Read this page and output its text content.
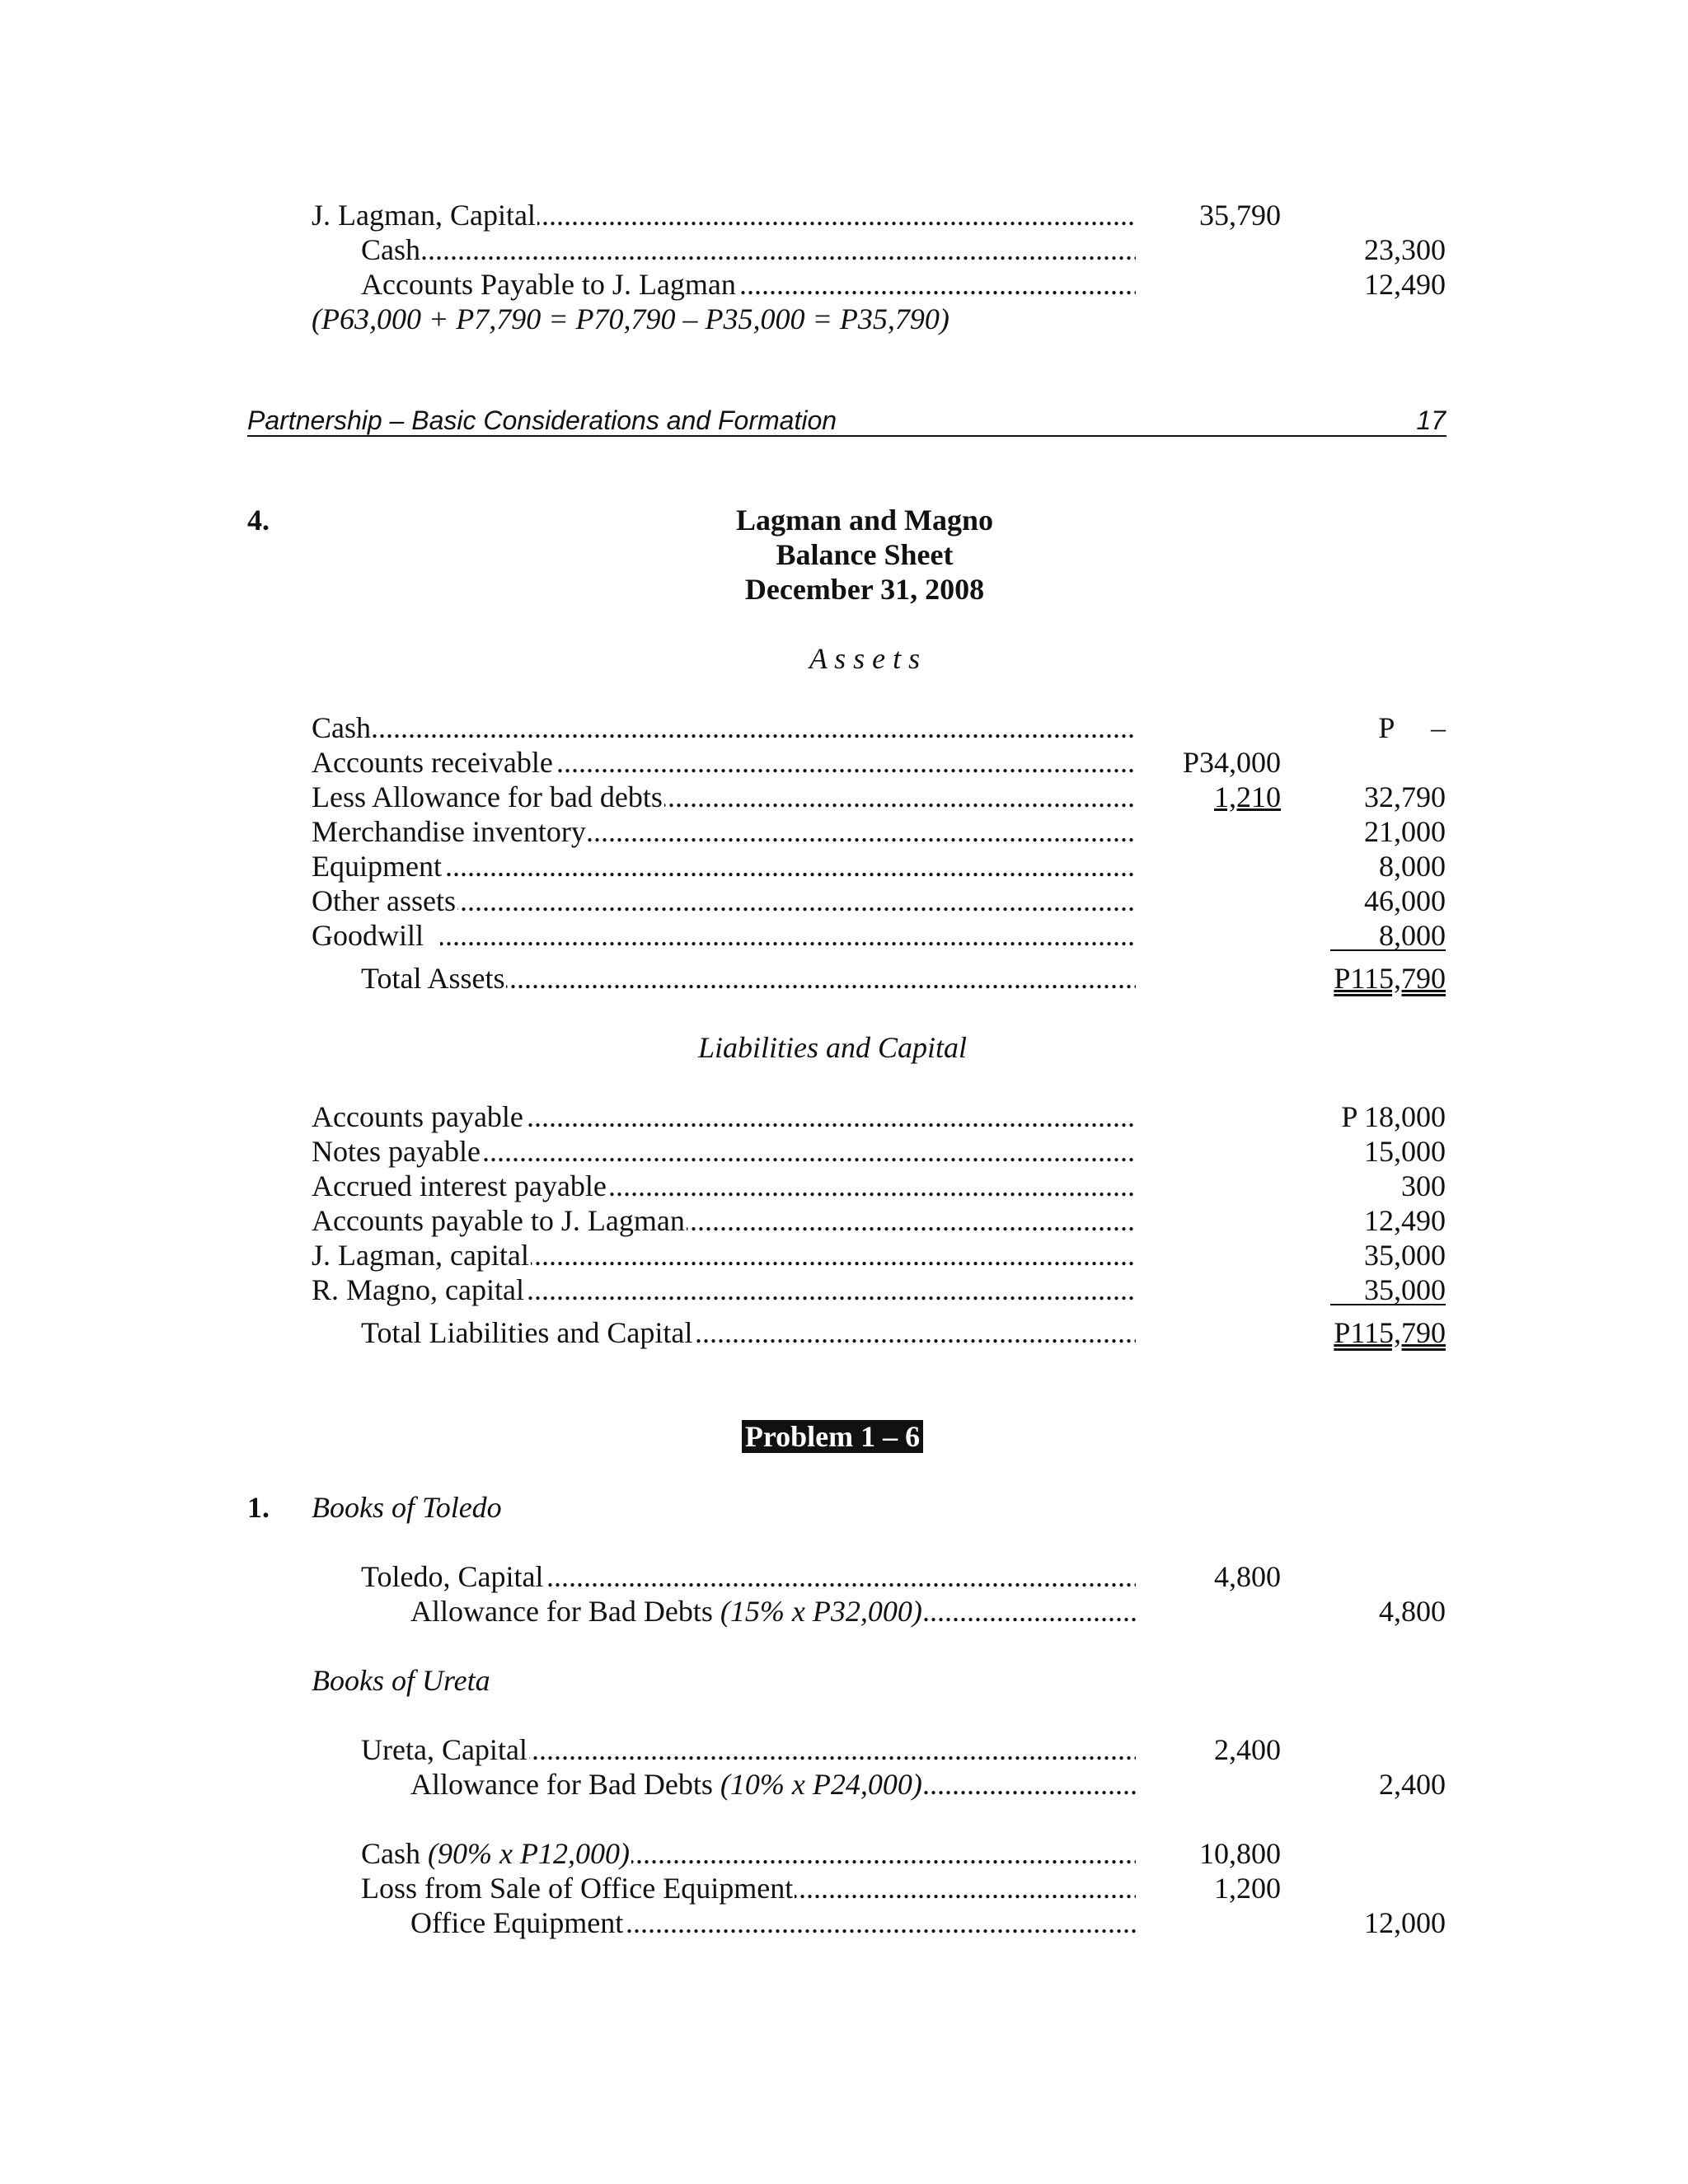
.....
J. Lagman, Capital	35,790
.....
Cash.	23,300
.....
Accounts Payable to J. Lagman	12,490
(P63,000 + P7,790 = P70,790 – P35,000 = P35,790)
Partnership – Basic Considerations and Formation	17
4.	Lagman and Magno
Balance Sheet
December 31, 2008
A s s e t s
.....
Cash	P     –
.....
Accounts receivable	P34,000
.....
Less Allowance for bad debts	1,210	32,790
.....
Merchandise inventory	21,000
.....
Equipment	8,000
.....
Other assets	46,000
.....
Goodwill	8,000
.....
Total Assets	P115,790
Liabilities and Capital
.....
Accounts payable	P 18,000
.....
Notes payable	15,000
.....
Accrued interest payable	300
.....
Accounts payable to J. Lagman	12,490
.....
J. Lagman, capital	35,000
.....
R. Magno, capital	35,000
.....
Total Liabilities and Capital	P115,790
Problem 1 – 6
1. Books of Toledo
.....
Toledo, Capital	4,800
.....
Allowance for Bad Debts (15% x P32,000)	4,800
Books of Ureta
.....
Ureta, Capital	2,400
.....
Allowance for Bad Debts (10% x P24,000)	2,400
.....
Cash (90% x P12,000)	10,800
.....
Loss from Sale of Office Equipment	1,200
.....
Office Equipment	12,000
